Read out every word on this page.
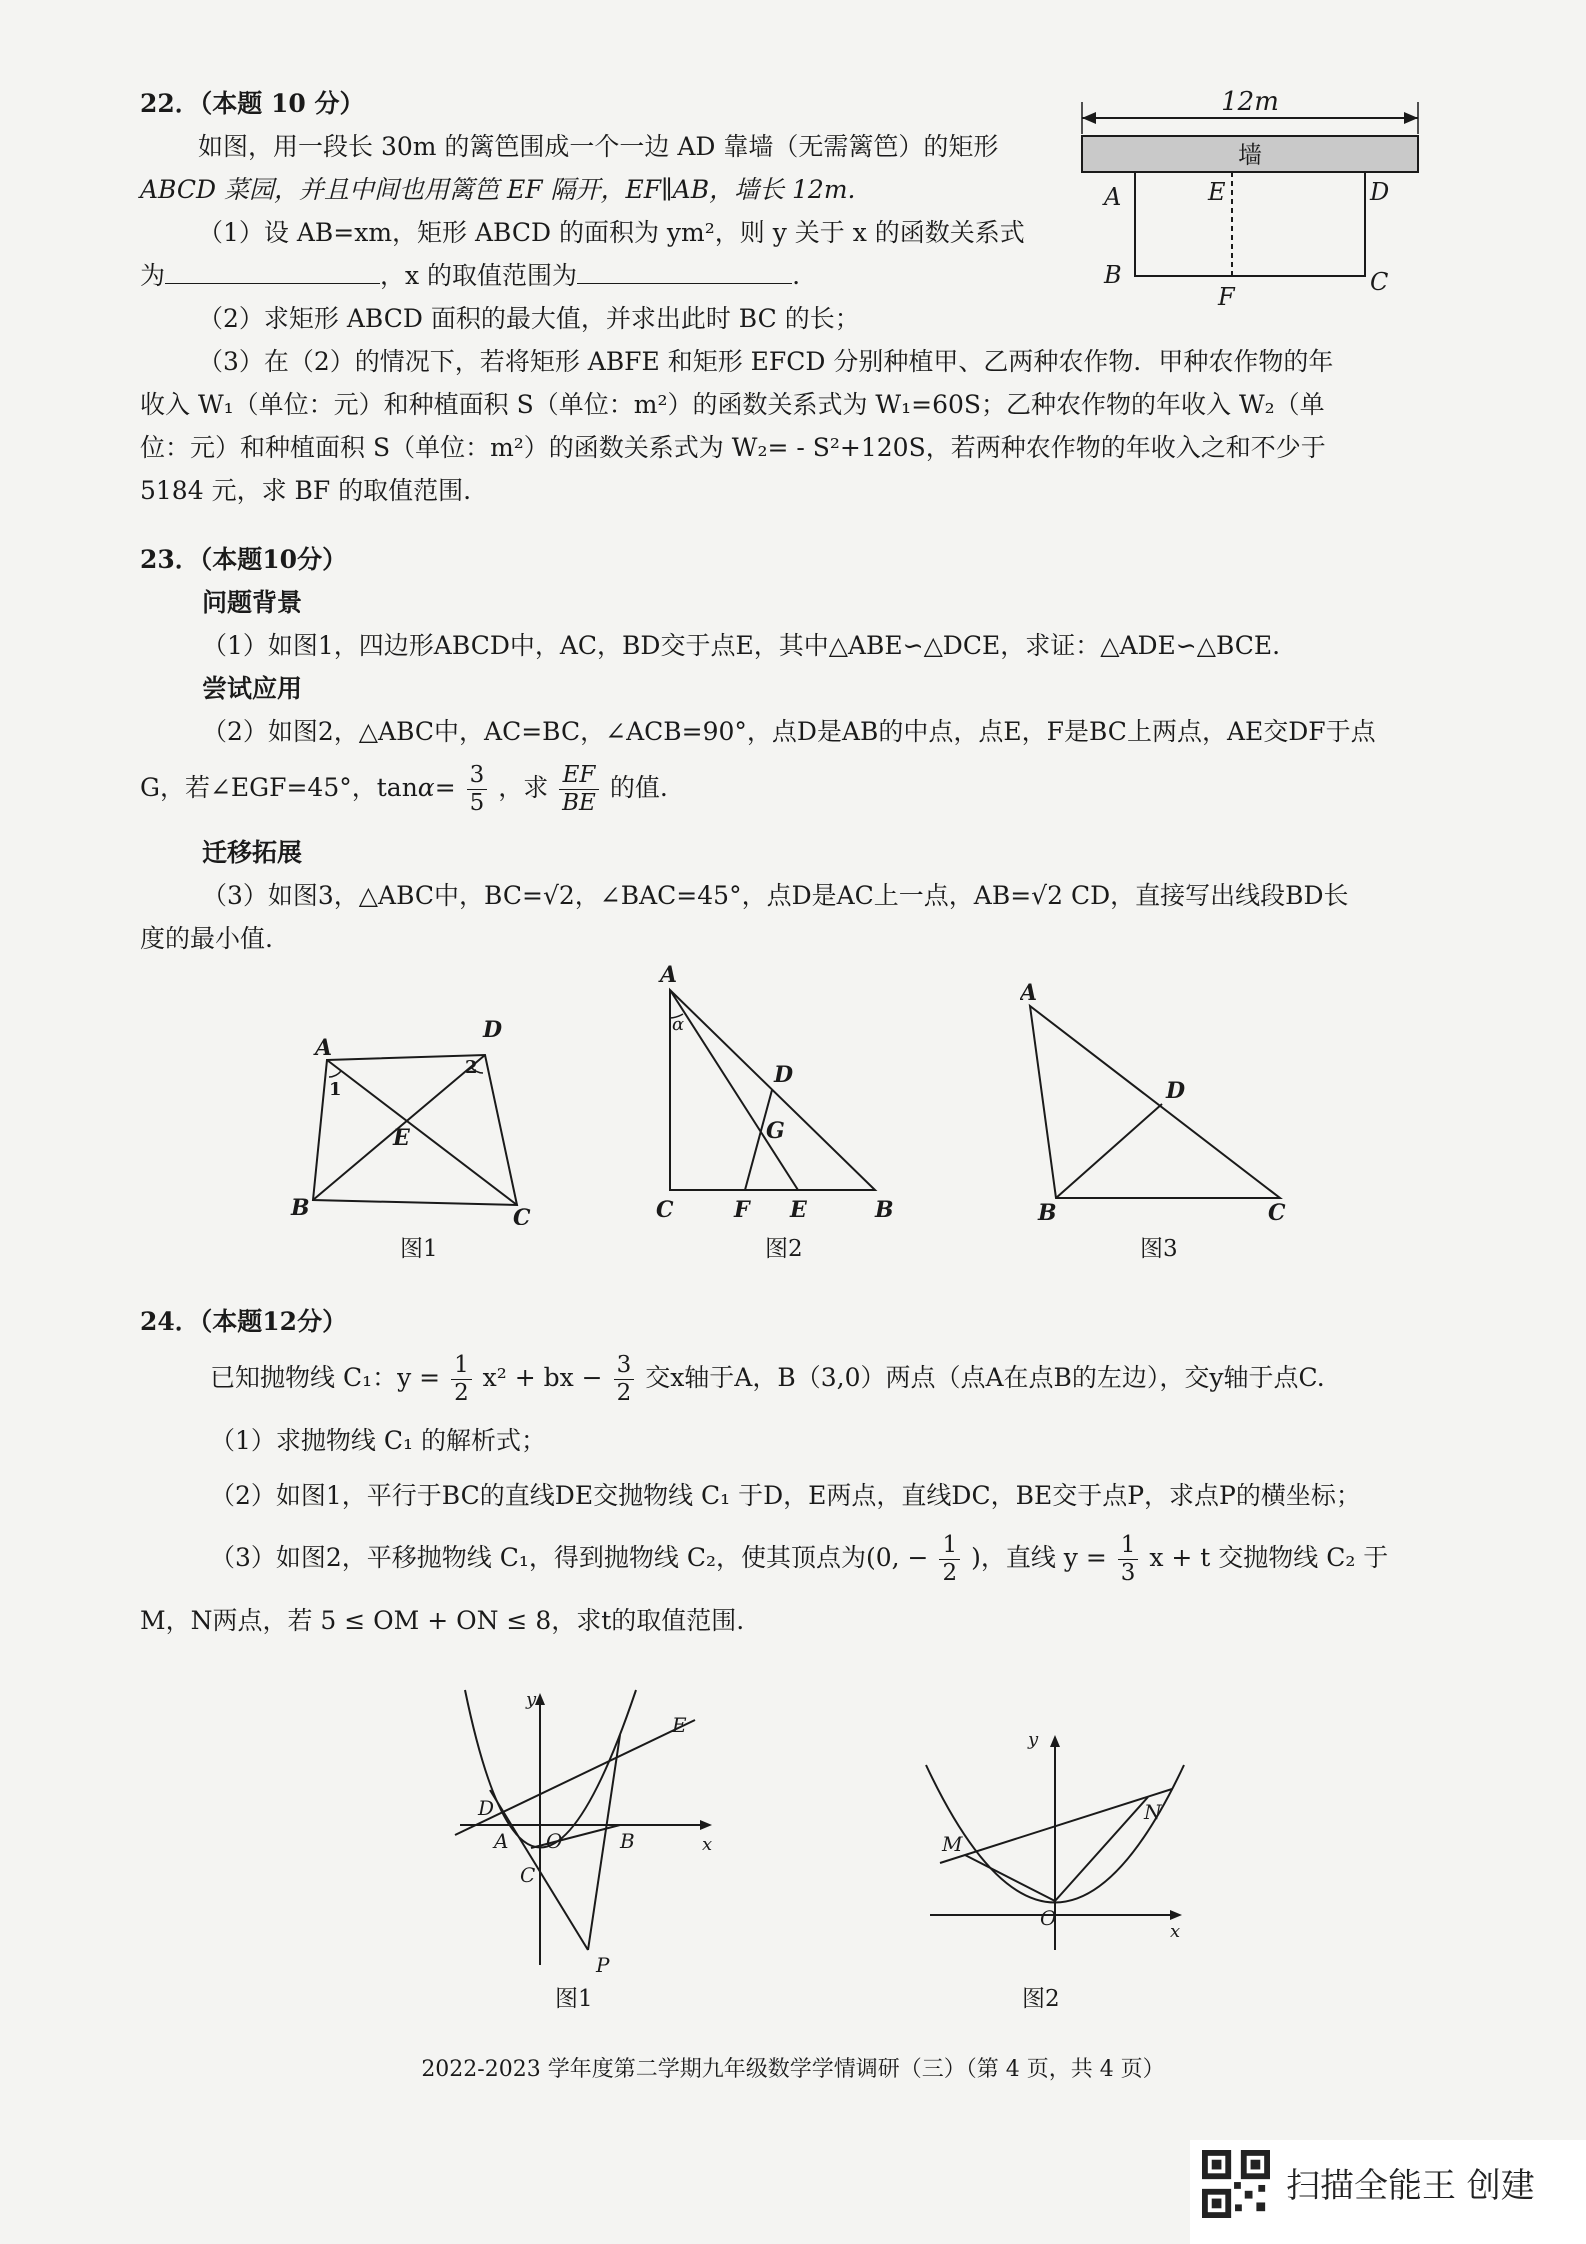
22．（本题 10 分）
如图，用一段长 30m 的篱笆围成一个一边 AD 靠墙（无需篱笆）的矩形
ABCD 菜园，并且中间也用篱笆 EF 隔开，EF∥AB，墙长 12m.
（1）设 AB=xm，矩形 ABCD 的面积为 ym²，则 y 关于 x 的函数关系式
为	，x 的取值范围为	.
（2）求矩形 ABCD 面积的最大值，并求出此时 BC 的长；
（3）在（2）的情况下，若将矩形 ABFE 和矩形 EFCD 分别种植甲、乙两种农作物．甲种农作物的年
收入 W₁（单位：元）和种植面积 S（单位：m²）的函数关系式为 W₁=60S；乙种农作物的年收入 W₂（单
位：元）和种植面积 S（单位：m²）的函数关系式为 W₂= - S²+120S，若两种农作物的年收入之和不少于
5184 元，求 BF 的取值范围.
12m
墙
A	E	D
B
F
C
23．（本题10分）
问题背景
（1）如图1，四边形ABCD中，AC，BD交于点E，其中△ABE∽△DCE，求证：△ADE∽△BCE.
尝试应用
（2）如图2，△ABC中，AC=BC，∠ACB=90°，点D是AB的中点，点E，F是BC上两点，AE交DF于点
G，若∠EGF=45°，$\tan\alpha= \frac{3}{5}$ ，求 $\frac{EF}{BE}$ 的值.
迁移拓展
（3）如图3，△ABC中，BC=√2，∠BAC=45°，点D是AC上一点，AB=√2 CD，直接写出线段BD长
度的最小值.
A
D
1
2
E
B	C
图1
A
α
D
G
C	F E	B
图2
A
D
B	C
图3
24．（本题12分）
已知抛物线 C₁：$y = \frac{1}{2} x^2$ + bx − $\frac{3}{2}$ 交x轴于A，B（3,0）两点（点A在点B的左边），交y轴于点C.
（1）求抛物线 C₁ 的解析式；
（2）如图1，平行于BC的直线DE交抛物线 C₁ 于D，E两点，直线DC，BE交于点P，求点P的横坐标；
（3）如图2，平移抛物线 C₁，得到抛物线 C₂，使其顶点为(0, − $\frac{1}{2}$ )，直线 $y = \frac{1}{3}$ x + t 交抛物线 C₂ 于
M，N两点，若 5 ≤ OM + ON ≤ 8，求t的取值范围.
y
x
E
D
A O	B
C
P
图1
y
x
M
N
O
图2
2022-2023 学年度第二学期九年级数学学情调研（三）（第 4 页，共 4 页）
扫描全能王 创建
